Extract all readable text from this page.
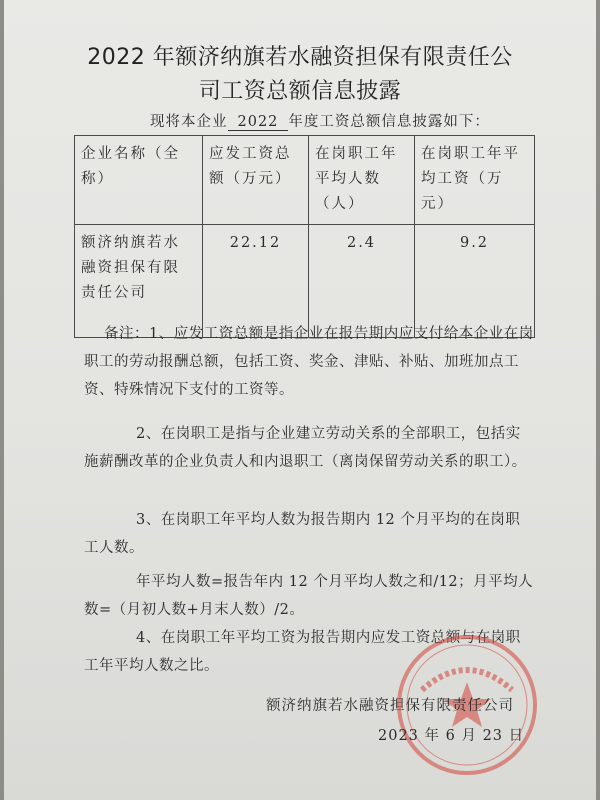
2022 年额济纳旗若水融资担保有限责任公
司工资总额信息披露
现将本企业 2022 年度工资总额信息披露如下：
企业名称（全称）	应发工资总额（万元）	在岗职工年平均人数（人）	在岗职工年平均工资（万元）
额济纳旗若水融资担保有限责任公司	22.12	2.4	9.2
备注：1、应发工资总额是指企业在报告期内应支付给本企业在岗职工的劳动报酬总额，包括工资、奖金、津贴、补贴、加班加点工资、特殊情况下支付的工资等。
2、在岗职工是指与企业建立劳动关系的全部职工，包括实施薪酬改革的企业负责人和内退职工（离岗保留劳动关系的职工）。
3、在岗职工年平均人数为报告期内 12 个月平均的在岗职工人数。
年平均人数=报告年内 12 个月平均人数之和/12；月平均人数=（月初人数+月末人数）/2。
4、在岗职工年平均工资为报告期内应发工资总额与在岗职工年平均人数之比。
额济纳旗若水融资担保有限责任公司
2023 年 6 月 23 日
